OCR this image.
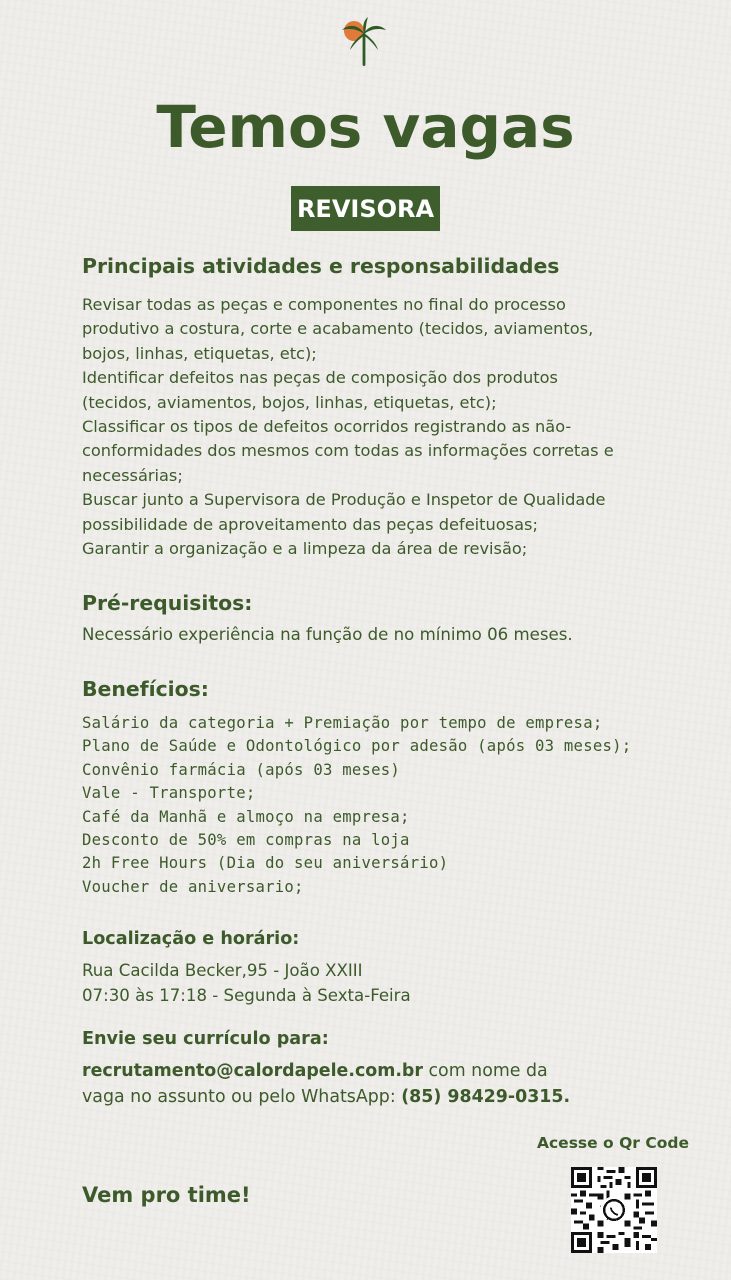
Temos vagas
REVISORA
Principais atividades e responsabilidades
Revisar todas as peças e componentes no final do processo
produtivo a costura, corte e acabamento (tecidos, aviamentos,
bojos, linhas, etiquetas, etc);
Identificar defeitos nas peças de composição dos produtos
(tecidos, aviamentos, bojos, linhas, etiquetas, etc);
Classificar os tipos de defeitos ocorridos registrando as não-
conformidades dos mesmos com todas as informações corretas e
necessárias;
Buscar junto a Supervisora de Produção e Inspetor de Qualidade
possibilidade de aproveitamento das peças defeituosas;
Garantir a organização e a limpeza da área de revisão;
Pré-requisitos:
Necessário experiência na função de no mínimo 06 meses.
Benefícios:
Salário da categoria + Premiação por tempo de empresa;
Plano de Saúde e Odontológico por adesão (após 03 meses);
Convênio farmácia (após 03 meses)
Vale - Transporte;
Café da Manhã e almoço na empresa;
Desconto de 50% em compras na loja
2h Free Hours (Dia do seu aniversário)
Voucher de aniversario;
Localização e horário:
Rua Cacilda Becker,95 - João XXIII
07:30 às 17:18 - Segunda à Sexta-Feira
Envie seu currículo para:
recrutamento@calordapele.com.br com nome da
vaga no assunto ou pelo WhatsApp: (85) 98429-0315.
Acesse o Qr Code
Vem pro time!
